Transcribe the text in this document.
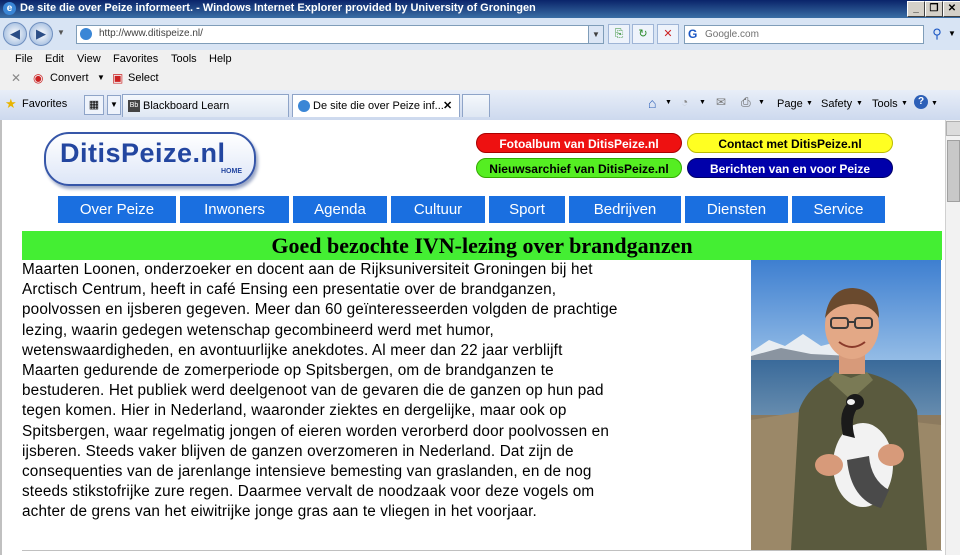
e De site die over Peize informeert. - Windows Internet Explorer provided by University of Groningen	_	❐ ✕
◀	▶	▼	http://www.ditispeize.nl/	▼	⎘	↻	✕	G Google.com	⚲ ▼
File Edit View Favorites Tools Help
✕ ◉ Convert ▼ ▣ Select
★ Favorites	▦	▼	Bb Blackboard Learn	De site die over Peize inf... ✕	⌂ ▼ ◔ ▼ ✉ ⎙ ▼ Page ▼ Safety ▼ Tools ▼	? ▼
DitisPeize.nl
HOME
Fotoalbum van DitisPeize.nl	Contact met DitisPeize.nl
Nieuwsarchief van DitisPeize.nl	Berichten van en voor Peize
Over Peize	Inwoners	Agenda	Cultuur	Sport	Bedrijven	Diensten	Service
Goed bezochte IVN-lezing over brandganzen
Maarten Loonen, onderzoeker en docent aan de Rijksuniversiteit Groningen bij het
Arctisch Centrum, heeft in café Ensing een presentatie over de brandganzen,
poolvossen en ijsberen gegeven. Meer dan 60 geïnteresseerden volgden de prachtige
lezing, waarin gedegen wetenschap gecombineerd werd met humor,
wetenswaardigheden, en avontuurlijke anekdotes. Al meer dan 22 jaar verblijft
Maarten gedurende de zomerperiode op Spitsbergen, om de brandganzen te
bestuderen. Het publiek werd deelgenoot van de gevaren die de ganzen op hun pad
tegen komen. Hier in Nederland, waaronder ziektes en dergelijke, maar ook op
Spitsbergen, waar regelmatig jongen of eieren worden verorberd door poolvossen en
ijsberen. Steeds vaker blijven de ganzen overzomeren in Nederland. Dat zijn de
consequenties van de jarenlange intensieve bemesting van graslanden, en de nog
steeds stikstofrijke zure regen. Daarmee vervalt de noodzaak voor deze vogels om
achter de grens van het eiwitrijke jonge gras aan te vliegen in het voorjaar.
